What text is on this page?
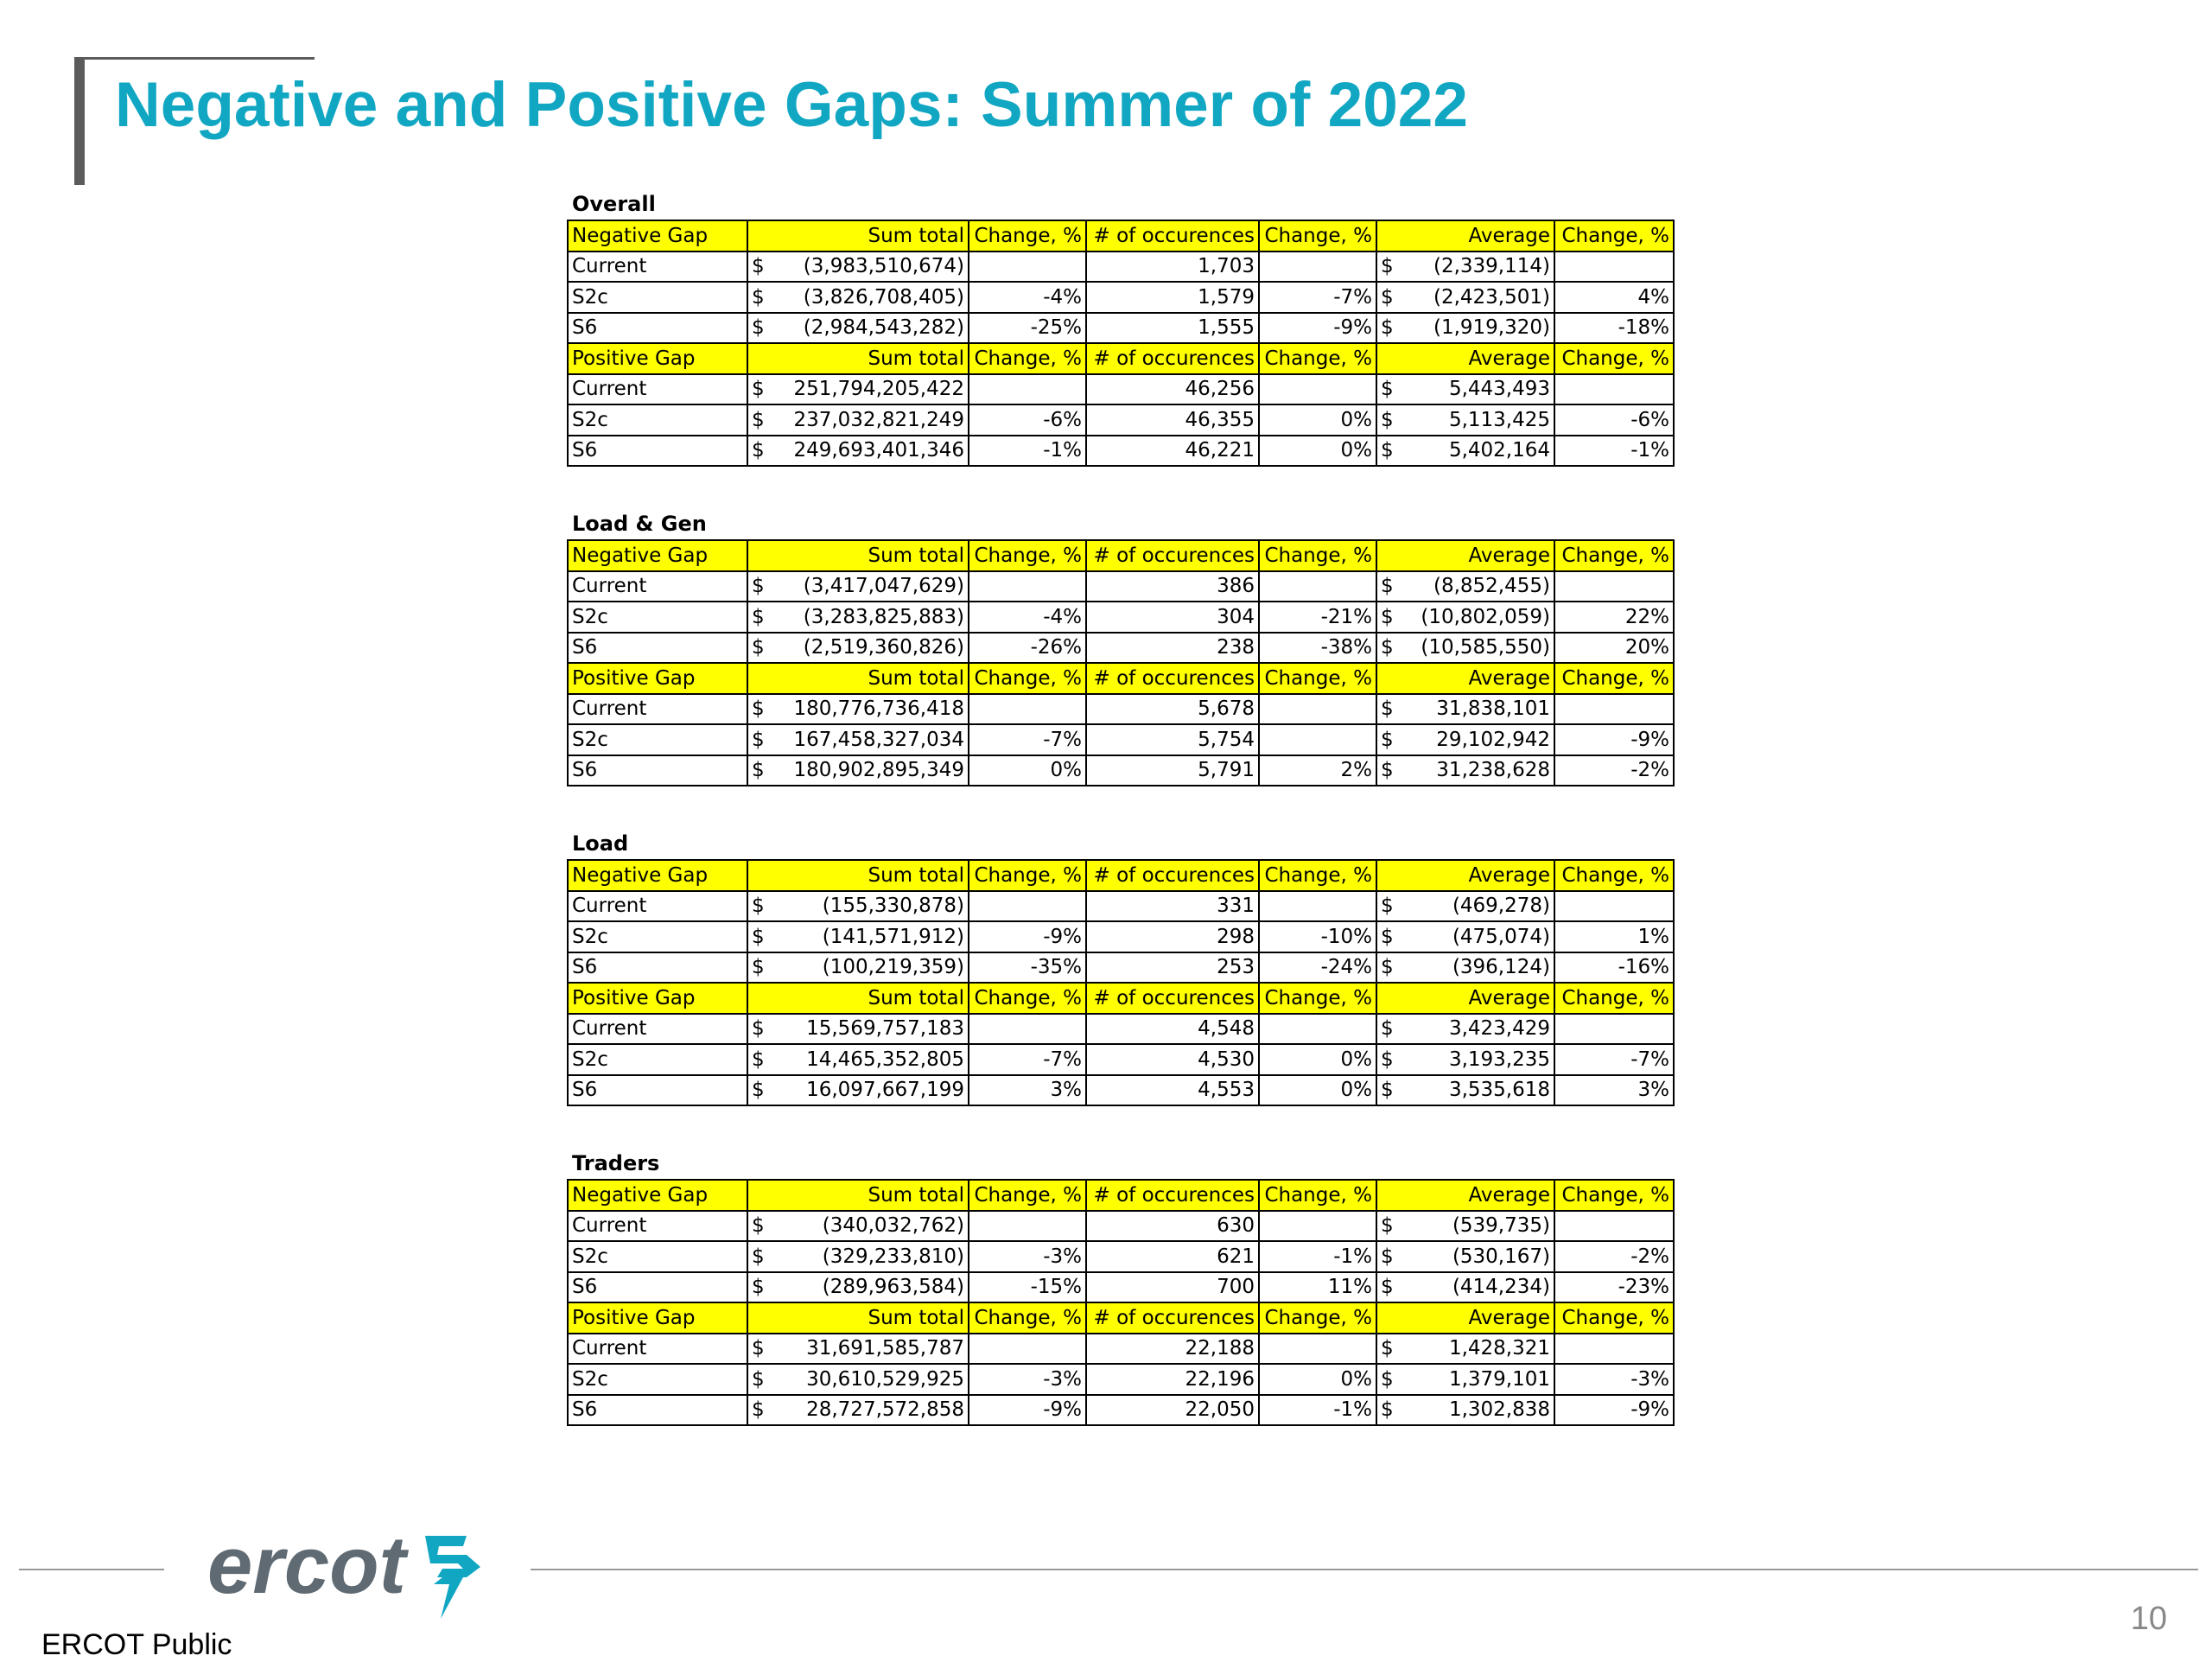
Negative and Positive Gaps: Summer of 2022
Overall
Negative Gap	Sum total	Change, %	# of occurences	Change, %	Average	Change, %
Current	$ (3,983,510,674)		1,703		$ (2,339,114)	

S2c	$ (3,826,708,405)	-4%	1,579	-7%	$ (2,423,501)	4%
S6	$ (2,984,543,282)	-25%	1,555	-9%	$ (1,919,320)	-18%
Positive Gap	Sum total	Change, %	# of occurences	Change, %	Average	Change, %
Current	$ 251,794,205,422		46,256		$ 5,443,493	

S2c	$ 237,032,821,249	-6%	46,355	0%	$ 5,113,425	-6%
S6	$ 249,693,401,346	-1%	46,221	0%	$ 5,402,164	-1%
Load & Gen
Negative Gap	Sum total	Change, %	# of occurences	Change, %	Average	Change, %
Current	$ (3,417,047,629)		386		$ (8,852,455)	

S2c	$ (3,283,825,883)	-4%	304	-21%	$ (10,802,059)	22%
S6	$ (2,519,360,826)	-26%	238	-38%	$ (10,585,550)	20%
Positive Gap	Sum total	Change, %	# of occurences	Change, %	Average	Change, %
Current	$ 180,776,736,418		5,678		$ 31,838,101	

S2c	$ 167,458,327,034	-7%	5,754		$ 29,102,942	-9%
S6	$ 180,902,895,349	0%	5,791	2%	$ 31,238,628	-2%
Load
Negative Gap	Sum total	Change, %	# of occurences	Change, %	Average	Change, %
Current	$ (155,330,878)		331		$ (469,278)	

S2c	$ (141,571,912)	-9%	298	-10%	$ (475,074)	1%
S6	$ (100,219,359)	-35%	253	-24%	$ (396,124)	-16%
Positive Gap	Sum total	Change, %	# of occurences	Change, %	Average	Change, %
Current	$ 15,569,757,183		4,548		$ 3,423,429	

S2c	$ 14,465,352,805	-7%	4,530	0%	$ 3,193,235	-7%
S6	$ 16,097,667,199	3%	4,553	0%	$ 3,535,618	3%
Traders
Negative Gap	Sum total	Change, %	# of occurences	Change, %	Average	Change, %
Current	$ (340,032,762)		630		$ (539,735)	

S2c	$ (329,233,810)	-3%	621	-1%	$ (530,167)	-2%
S6	$ (289,963,584)	-15%	700	11%	$ (414,234)	-23%
Positive Gap	Sum total	Change, %	# of occurences	Change, %	Average	Change, %
Current	$ 31,691,585,787		22,188		$ 1,428,321	

S2c	$ 30,610,529,925	-3%	22,196	0%	$ 1,379,101	-3%
S6	$ 28,727,572,858	-9%	22,050	-1%	$ 1,302,838	-9%
ercot
ERCOT Public
10
